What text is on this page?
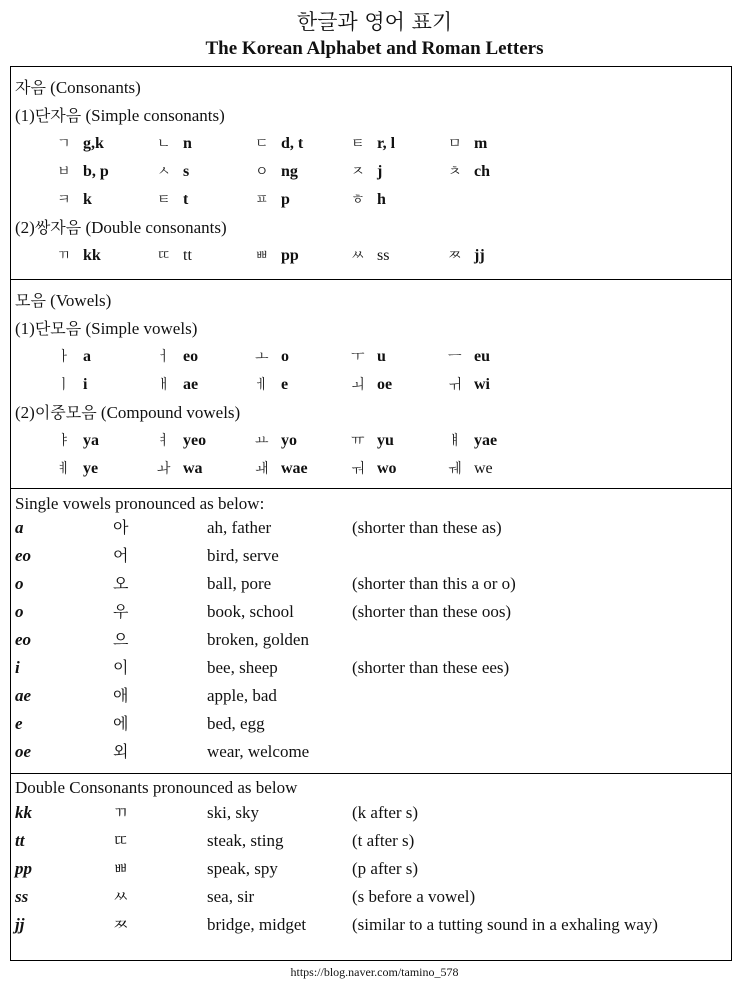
한글과 영어 표기
The Korean Alphabet and Roman Letters
자음 (Consonants)
(1)단자음 (Simple consonants)
ㄱ g,k	ㄴ n	ㄷ d, t	ㅌ r, l	ㅁ m
ㅂ b, p	ㅅ s	ㅇ ng	ㅈ j	ㅊ ch
ㅋ k	ㅌ t	ㅍ p	ㅎ h
(2)쌍자음 (Double consonants)
ㄲ kk	ㄸ tt	ㅃ pp	ㅆ ss	ㅉ jj
모음 (Vowels)
(1)단모음 (Simple vowels)
ㅏ a	ㅓ eo	ㅗ o	ㅜ u	ㅡ eu
ㅣ i	ㅐ ae	ㅔ e	ㅚ oe	ㅟ wi
(2)이중모음 (Compound vowels)
ㅑ ya	ㅕ yeo	ㅛ yo	ㅠ yu	ㅒ yae
ㅖ ye	ㅘ wa	ㅙ wae	ㅝ wo	ㅞ we
Single vowels pronounced as below:
a	아	ah, father	(shorter than these as)
eo	어	bird, serve
o	오	ball, pore	(shorter than this a or o)
o	우	book, school	(shorter than these oos)
eo	으	broken, golden
i	이	bee, sheep	(shorter than these ees)
ae	애	apple, bad
e	에	bed, egg
oe	외	wear, welcome
Double Consonants pronounced as below
kk	ㄲ	ski, sky	(k after s)
tt	ㄸ	steak, sting	(t after s)
pp	ㅃ	speak, spy	(p after s)
ss	ㅆ	sea, sir	(s before a vowel)
jj	ㅉ	bridge, midget	(similar to a tutting sound in a exhaling way)
https://blog.naver.com/tamino_578
